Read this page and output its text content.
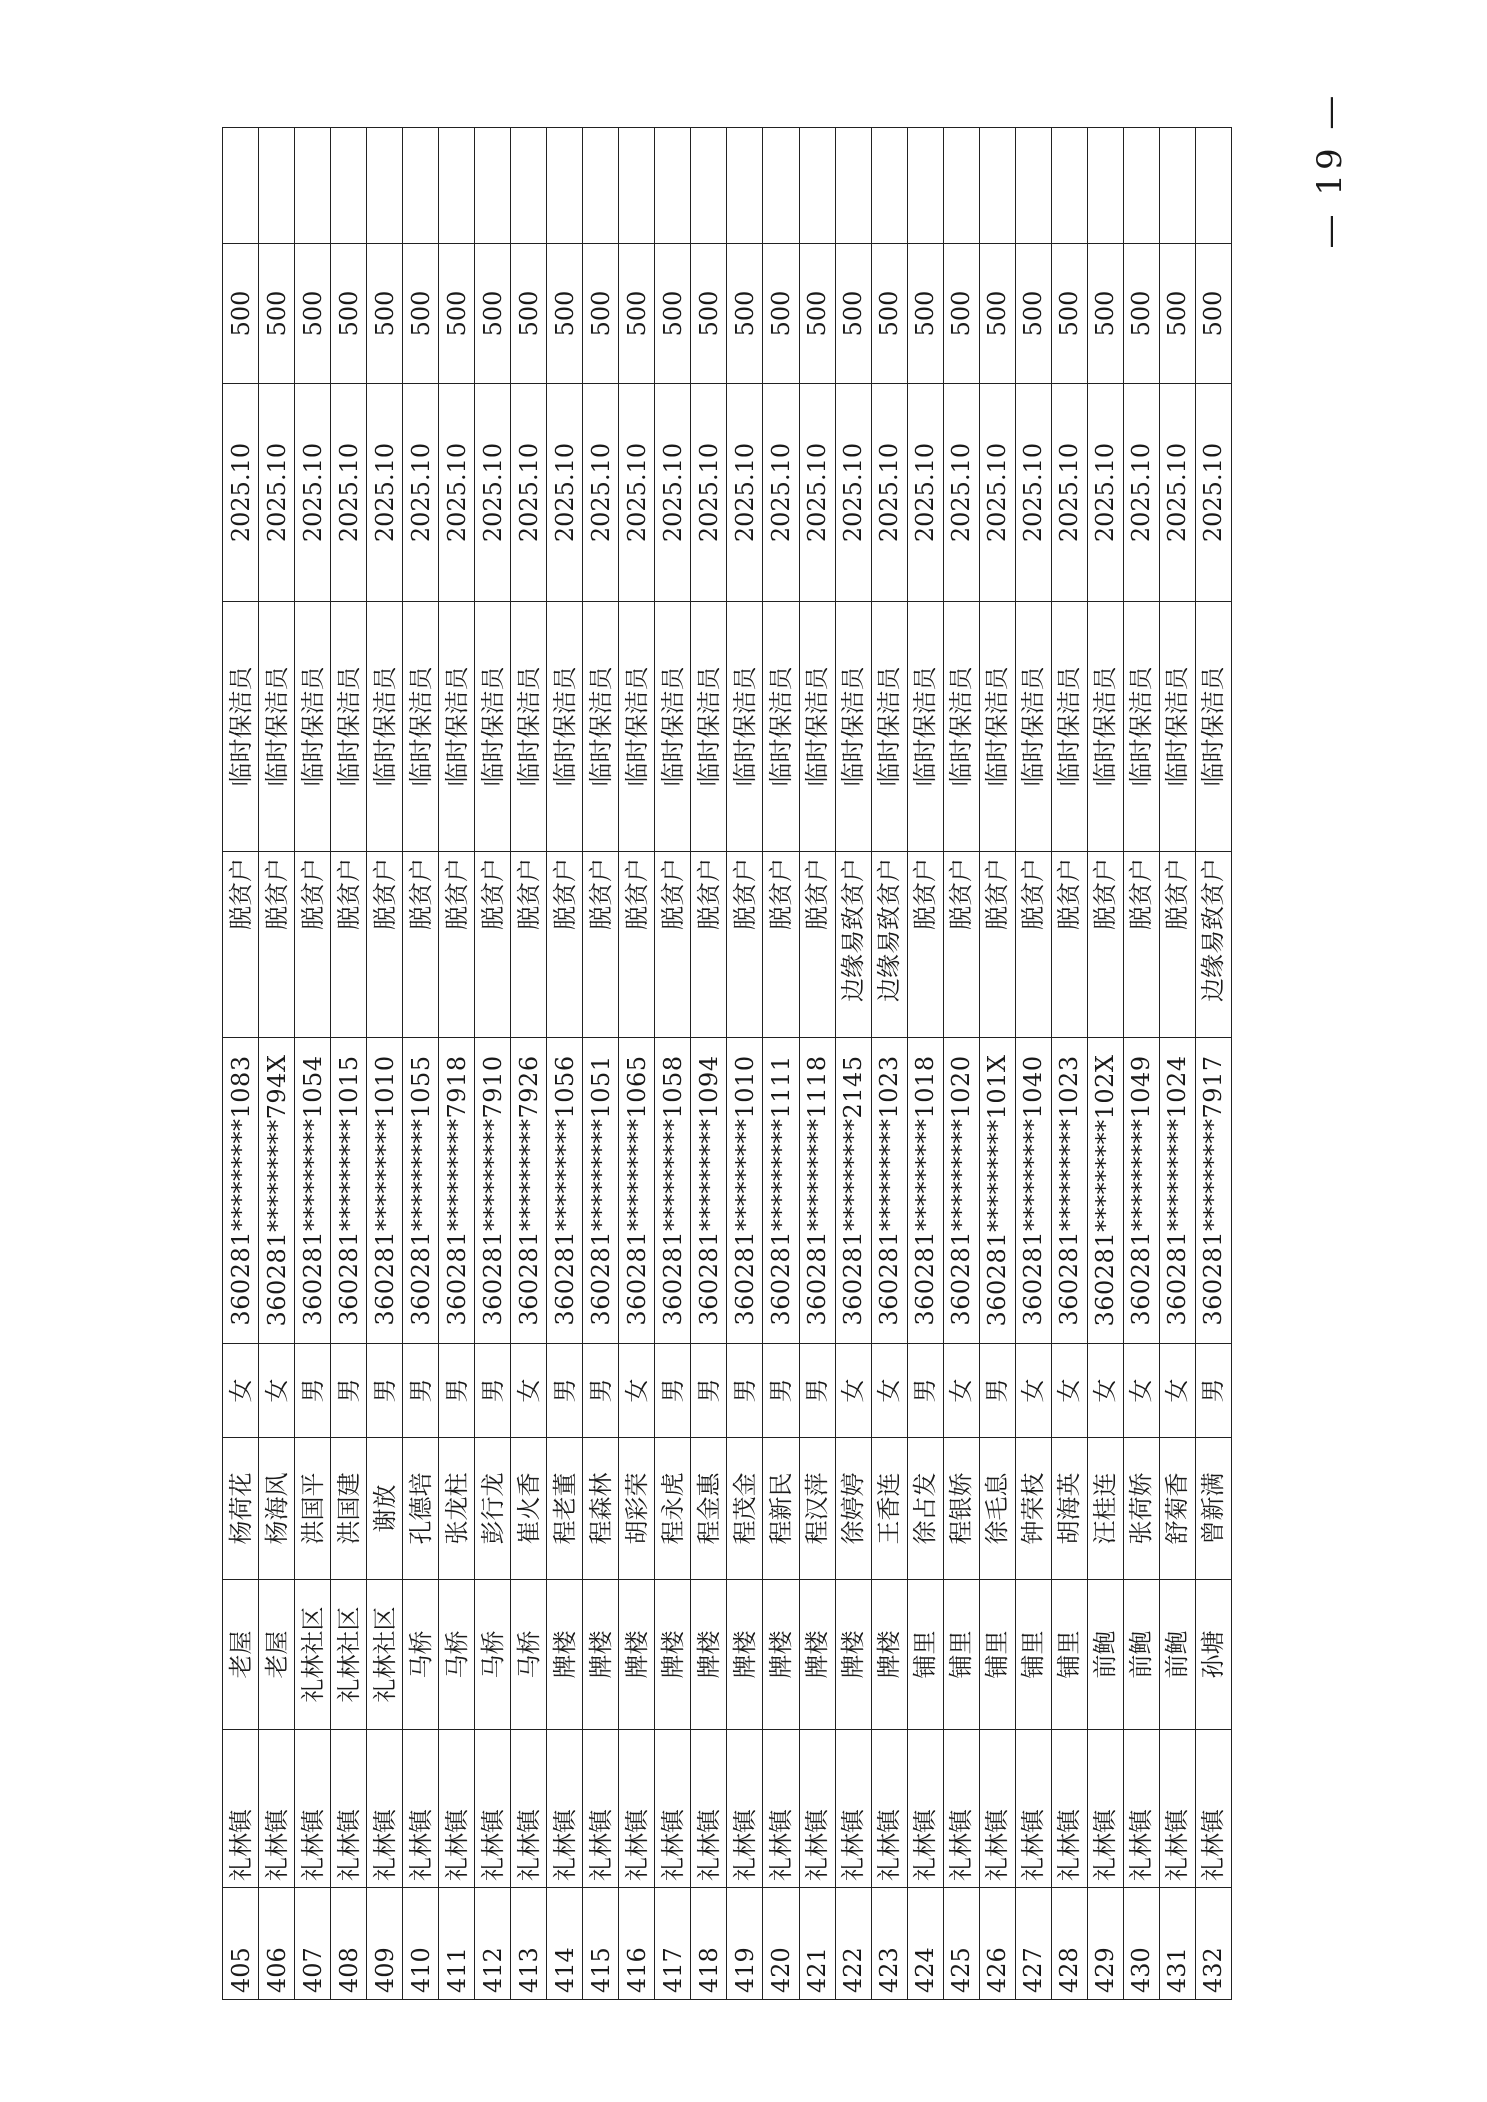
405	礼林镇	老屋	杨荷花	女	360281*********1083	脱贫户	临时保洁员	2025.10	500	
406	礼林镇	老屋	杨海风	女	360281*********794X	脱贫户	临时保洁员	2025.10	500	
407	礼林镇	礼林社区	洪国平	男	360281*********1054	脱贫户	临时保洁员	2025.10	500	
408	礼林镇	礼林社区	洪国建	男	360281*********1015	脱贫户	临时保洁员	2025.10	500	
409	礼林镇	礼林社区	谢放	男	360281*********1010	脱贫户	临时保洁员	2025.10	500	
410	礼林镇	马桥	孔德培	男	360281*********1055	脱贫户	临时保洁员	2025.10	500	
411	礼林镇	马桥	张龙柱	男	360281*********7918	脱贫户	临时保洁员	2025.10	500	
412	礼林镇	马桥	彭行龙	男	360281*********7910	脱贫户	临时保洁员	2025.10	500	
413	礼林镇	马桥	崔火香	女	360281*********7926	脱贫户	临时保洁员	2025.10	500	
414	礼林镇	牌楼	程老董	男	360281*********1056	脱贫户	临时保洁员	2025.10	500	
415	礼林镇	牌楼	程森林	男	360281*********1051	脱贫户	临时保洁员	2025.10	500	
416	礼林镇	牌楼	胡彩荣	女	360281*********1065	脱贫户	临时保洁员	2025.10	500	
417	礼林镇	牌楼	程永虎	男	360281*********1058	脱贫户	临时保洁员	2025.10	500	
418	礼林镇	牌楼	程金惠	男	360281*********1094	脱贫户	临时保洁员	2025.10	500	
419	礼林镇	牌楼	程茂金	男	360281*********1010	脱贫户	临时保洁员	2025.10	500	
420	礼林镇	牌楼	程新民	男	360281*********1111	脱贫户	临时保洁员	2025.10	500	
421	礼林镇	牌楼	程汉萍	男	360281*********1118	脱贫户	临时保洁员	2025.10	500	
422	礼林镇	牌楼	徐婷婷	女	360281*********2145	边缘易致贫户	临时保洁员	2025.10	500	
423	礼林镇	牌楼	王香连	女	360281*********1023	边缘易致贫户	临时保洁员	2025.10	500	
424	礼林镇	铺里	徐占发	男	360281*********1018	脱贫户	临时保洁员	2025.10	500	
425	礼林镇	铺里	程银娇	女	360281*********1020	脱贫户	临时保洁员	2025.10	500	
426	礼林镇	铺里	徐毛息	男	360281*********101X	脱贫户	临时保洁员	2025.10	500	
427	礼林镇	铺里	钟荣枝	女	360281*********1040	脱贫户	临时保洁员	2025.10	500	
428	礼林镇	铺里	胡海英	女	360281*********1023	脱贫户	临时保洁员	2025.10	500	
429	礼林镇	前鲍	汪桂连	女	360281*********102X	脱贫户	临时保洁员	2025.10	500	
430	礼林镇	前鲍	张荷娇	女	360281*********1049	脱贫户	临时保洁员	2025.10	500	
431	礼林镇	前鲍	舒菊香	女	360281*********1024	脱贫户	临时保洁员	2025.10	500	
432	礼林镇	孙塘	曾新满	男	360281*********7917	边缘易致贫户	临时保洁员	2025.10	500	
— 19 —
